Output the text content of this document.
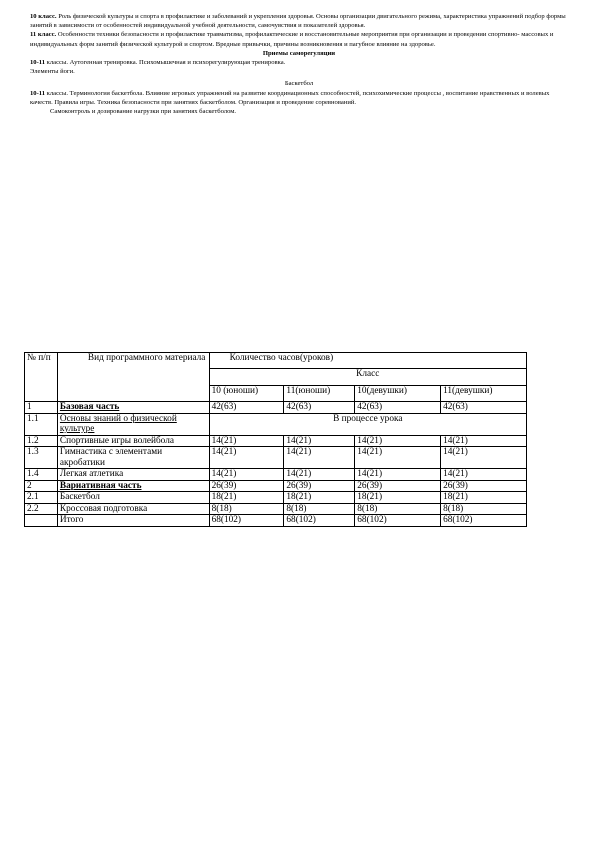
10 класс. Роль физической культуры и спорта в профилактике и заболеваний и укрепления здоровья. Основы организации двигательного режима, характеристика упражнений подбор формы занятий в зависимости от особенностей индивидуальной учебной деятельности, самочувствия и показателей здоровья.

11 класс. Особенности техники безопасности и профилактике травматизма, профилактические и восстановительные мероприятия при организации и проведении спортивно- массовых и индивидуальных форм занятий физической культурой и спортом. Вредные привычки, причины возникновения и пагубное влияние на здоровье.

Приемы саморегуляции

10-11 классы. Аутогенная тренировка. Психомышечная и психорегулирующая тренировка.

Элементы йоги.

Баскетбол

10-11 классы. Терминология баскетбола. Влияние игровых упражнений на развитие координационных способностей, психохимические процессы , воспитание нравственных и волевых качеств. Правила игры. Техника безопасности при занятиях баскетболом. Организация и проведение соревнований.

Самоконтроль и дозирование нагрузки при занятиях баскетболом.

№ п/п	Вид программного материала	Количество часов(уроков)			
		Класс			
		10 (юноши)	11(юноши)	10(девушки)	11(девушки)
1	Базовая часть	42(63)	42(63)	42(63)	42(63)
1.1	Основы знаний о физической культуре	В процессе урока			
1.2	Спортивные игры волейбола	14(21)	14(21)	14(21)	14(21)
1.3	Гимнастика с элементами акробатики	14(21)	14(21)	14(21)	14(21)
1.4	Легкая атлетика	14(21)	14(21)	14(21)	14(21)
2	Вариативная часть	26(39)	26(39)	26(39)	26(39)
2.1	Баскетбол	18(21)	18(21)	18(21)	18(21)
2.2	Кроссовая подготовка	8(18)	8(18)	8(18)	8(18)
	Итого	68(102)	68(102)	68(102)	68(102)
